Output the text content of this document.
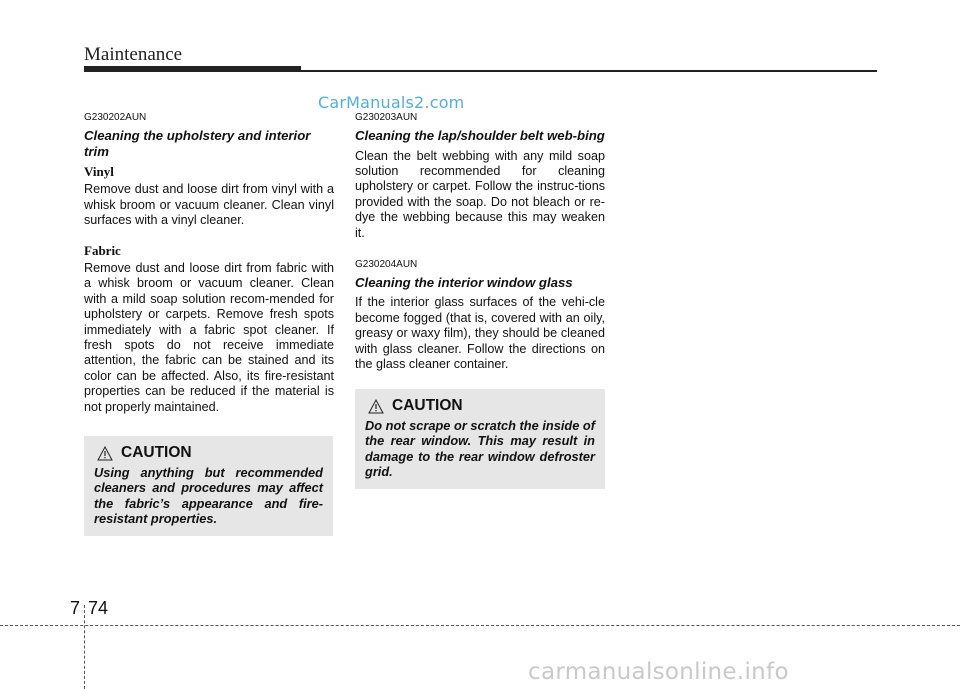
Maintenance
CarManuals2.com
G230202AUN
Cleaning the upholstery and interior trim
Vinyl

Remove dust and loose dirt from vinyl with a whisk broom or vacuum cleaner. Clean vinyl surfaces with a vinyl cleaner.

Fabric

Remove dust and loose dirt from fabric with a whisk broom or vacuum cleaner. Clean with a mild soap solution recom-mended for upholstery or carpets. Remove fresh spots immediately with a fabric spot cleaner. If fresh spots do not receive immediate attention, the fabric can be stained and its color can be affected. Also, its fire-resistant properties can be reduced if the material is not properly maintained.

CAUTION

Using anything but recommended cleaners and procedures may affect the fabric’s appearance and fire-resistant properties.

G230203AUN
Cleaning the lap/shoulder belt web-bing

Clean the belt webbing with any mild soap solution recommended for cleaning upholstery or carpet. Follow the instruc-tions provided with the soap. Do not bleach or re-dye the webbing because this may weaken it.

G230204AUN
Cleaning the interior window glass

If the interior glass surfaces of the vehi-cle become fogged (that is, covered with an oily, greasy or waxy film), they should be cleaned with glass cleaner. Follow the directions on the glass cleaner container.

CAUTION

Do not scrape or scratch the inside of the rear window. This may result in damage to the rear window defroster grid.

7 74
carmanualsonline.info
